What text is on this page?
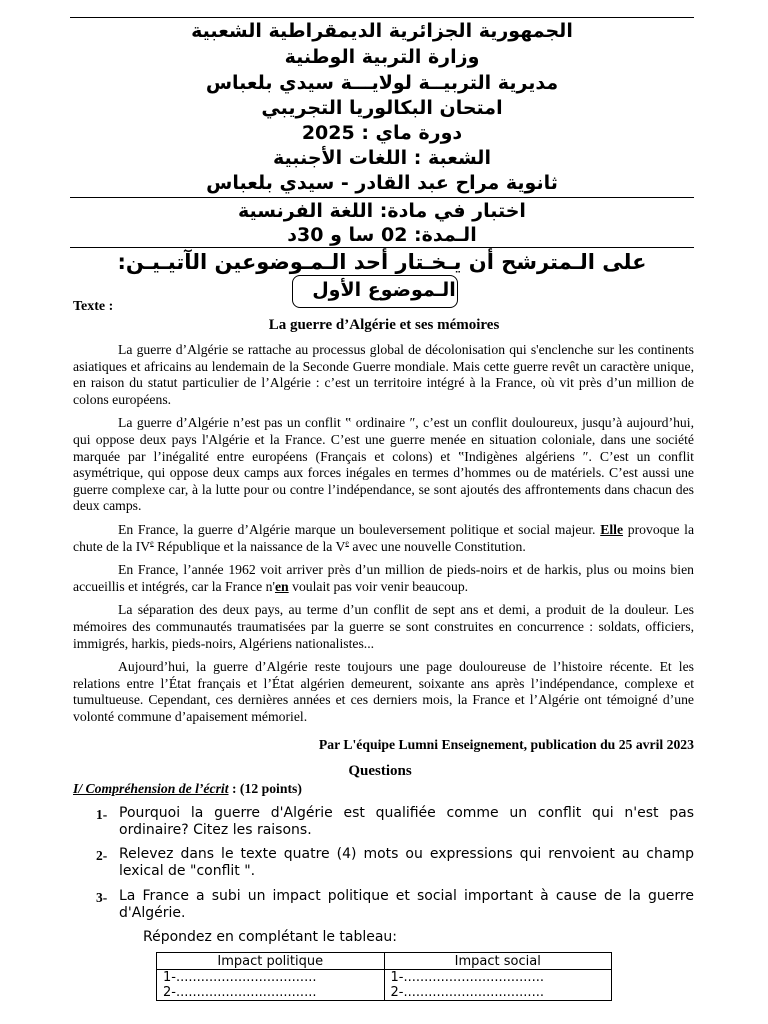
الجمهورية الجزائرية الديمقراطية الشعبية
وزارة التربية الوطنية
مديرية التربيــة لولايـــة سيدي بلعباس
امتحان البكالوريا التجريبي
دورة ماي : 2025
الشعبة : اللغات الأجنبية
ثانوية مراح عبد القادر - سيدي بلعباس
اختبار في مادة: اللغة الفرنسية
الـمدة: 02 سا و 30د
على الـمترشح أن يـخـتار أحد الـمـوضوعين الآتيـيـن:
الـموضوع الأول
Texte :
La guerre d’Algérie et ses mémoires

La guerre d’Algérie se rattache au processus global de décolonisation qui s'enclenche sur les continents asiatiques et africains au lendemain de la Seconde Guerre mondiale. Mais cette guerre revêt un caractère unique, en raison du statut particulier de l’Algérie : c’est un territoire intégré à la France, où vit près d’un million de colons européens.

La guerre d’Algérie n’est pas un conflit ‟ ordinaire ″, c’est un conflit douloureux, jusqu’à aujourd’hui, qui oppose deux pays l'Algérie et la France. C’est une guerre menée en situation coloniale, dans une société marquée par l’inégalité entre européens (Français et colons) et ‟Indigènes algériens ″. C’est un conflit asymétrique, qui oppose deux camps aux forces inégales en termes d’hommes ou de matériels. C’est aussi une guerre complexe car, à la lutte pour ou contre l’indépendance, se sont ajoutés des affrontements dans chacun des deux camps.

En France, la guerre d’Algérie marque un bouleversement politique et social majeur. Elle provoque la chute de la IVe République et la naissance de la Ve avec une nouvelle Constitution.

En France, l’année 1962 voit arriver près d’un million de pieds-noirs et de harkis, plus ou moins bien accueillis et intégrés, car la France n'en voulait pas voir venir beaucoup.

La séparation des deux pays, au terme d’un conflit de sept ans et demi, a produit de la douleur. Les mémoires des communautés traumatisées par la guerre se sont construites en concurrence : soldats, officiers, immigrés, harkis, pieds-noirs, Algériens nationalistes...

Aujourd’hui, la guerre d’Algérie reste toujours une page douloureuse de l’histoire récente. Et les relations entre l’État français et l’État algérien demeurent, soixante ans après l’indépendance, complexe et tumultueuse. Cependant, ces dernières années et ces derniers mois, la France et l’Algérie ont témoigné d’une volonté commune d’apaisement mémoriel.

Par L'équipe Lumni Enseignement, publication du 25 avril 2023
Questions
I/ Compréhension de l’écrit : (12 points)
1- Pourquoi la guerre d'Algérie est qualifiée comme un conflit qui n'est pas ordinaire? Citez les raisons.
2- Relevez dans le texte quatre (4) mots ou expressions qui renvoient au champ lexical de "conflit ".
3- La France a subi un impact politique et social important à cause de la guerre d'Algérie.
Répondez en complétant le tableau:
Impact politique	Impact social
1-..................................	1-..................................
2-..................................	2-..................................
